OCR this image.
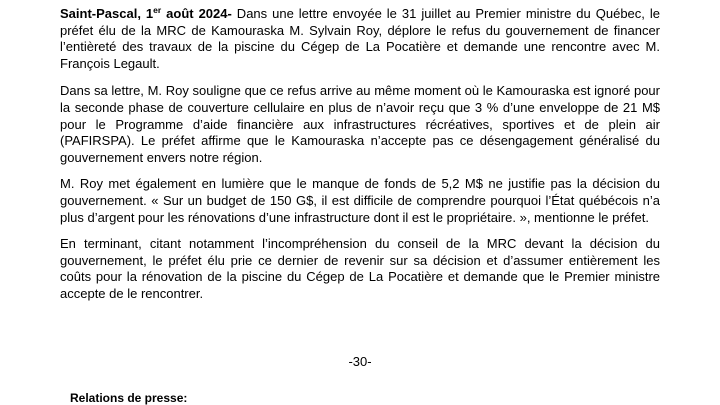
Saint-Pascal, 1er août 2024- Dans une lettre envoyée le 31 juillet au Premier ministre du Québec, le préfet élu de la MRC de Kamouraska M. Sylvain Roy, déplore le refus du gouvernement de financer l’entièreté des travaux de la piscine du Cégep de La Pocatière et demande une rencontre avec M. François Legault.

Dans sa lettre, M. Roy souligne que ce refus arrive au même moment où le Kamouraska est ignoré pour la seconde phase de couverture cellulaire en plus de n’avoir reçu que 3 % d’une enveloppe de 21 M$ pour le Programme d’aide financière aux infrastructures récréatives, sportives et de plein air (PAFIRSPA). Le préfet affirme que le Kamouraska n’accepte pas ce désengagement généralisé du gouvernement envers notre région.

M. Roy met également en lumière que le manque de fonds de 5,2 M$ ne justifie pas la décision du gouvernement. « Sur un budget de 150 G$, il est difficile de comprendre pourquoi l’État québécois n’a plus d’argent pour les rénovations d’une infrastructure dont il est le propriétaire. », mentionne le préfet.

En terminant, citant notamment l’incompréhension du conseil de la MRC devant la décision du gouvernement, le préfet élu prie ce dernier de revenir sur sa décision et d’assumer entièrement les coûts pour la rénovation de la piscine du Cégep de La Pocatière et demande que le Premier ministre accepte de le rencontrer.

-30-
Relations de presse:
